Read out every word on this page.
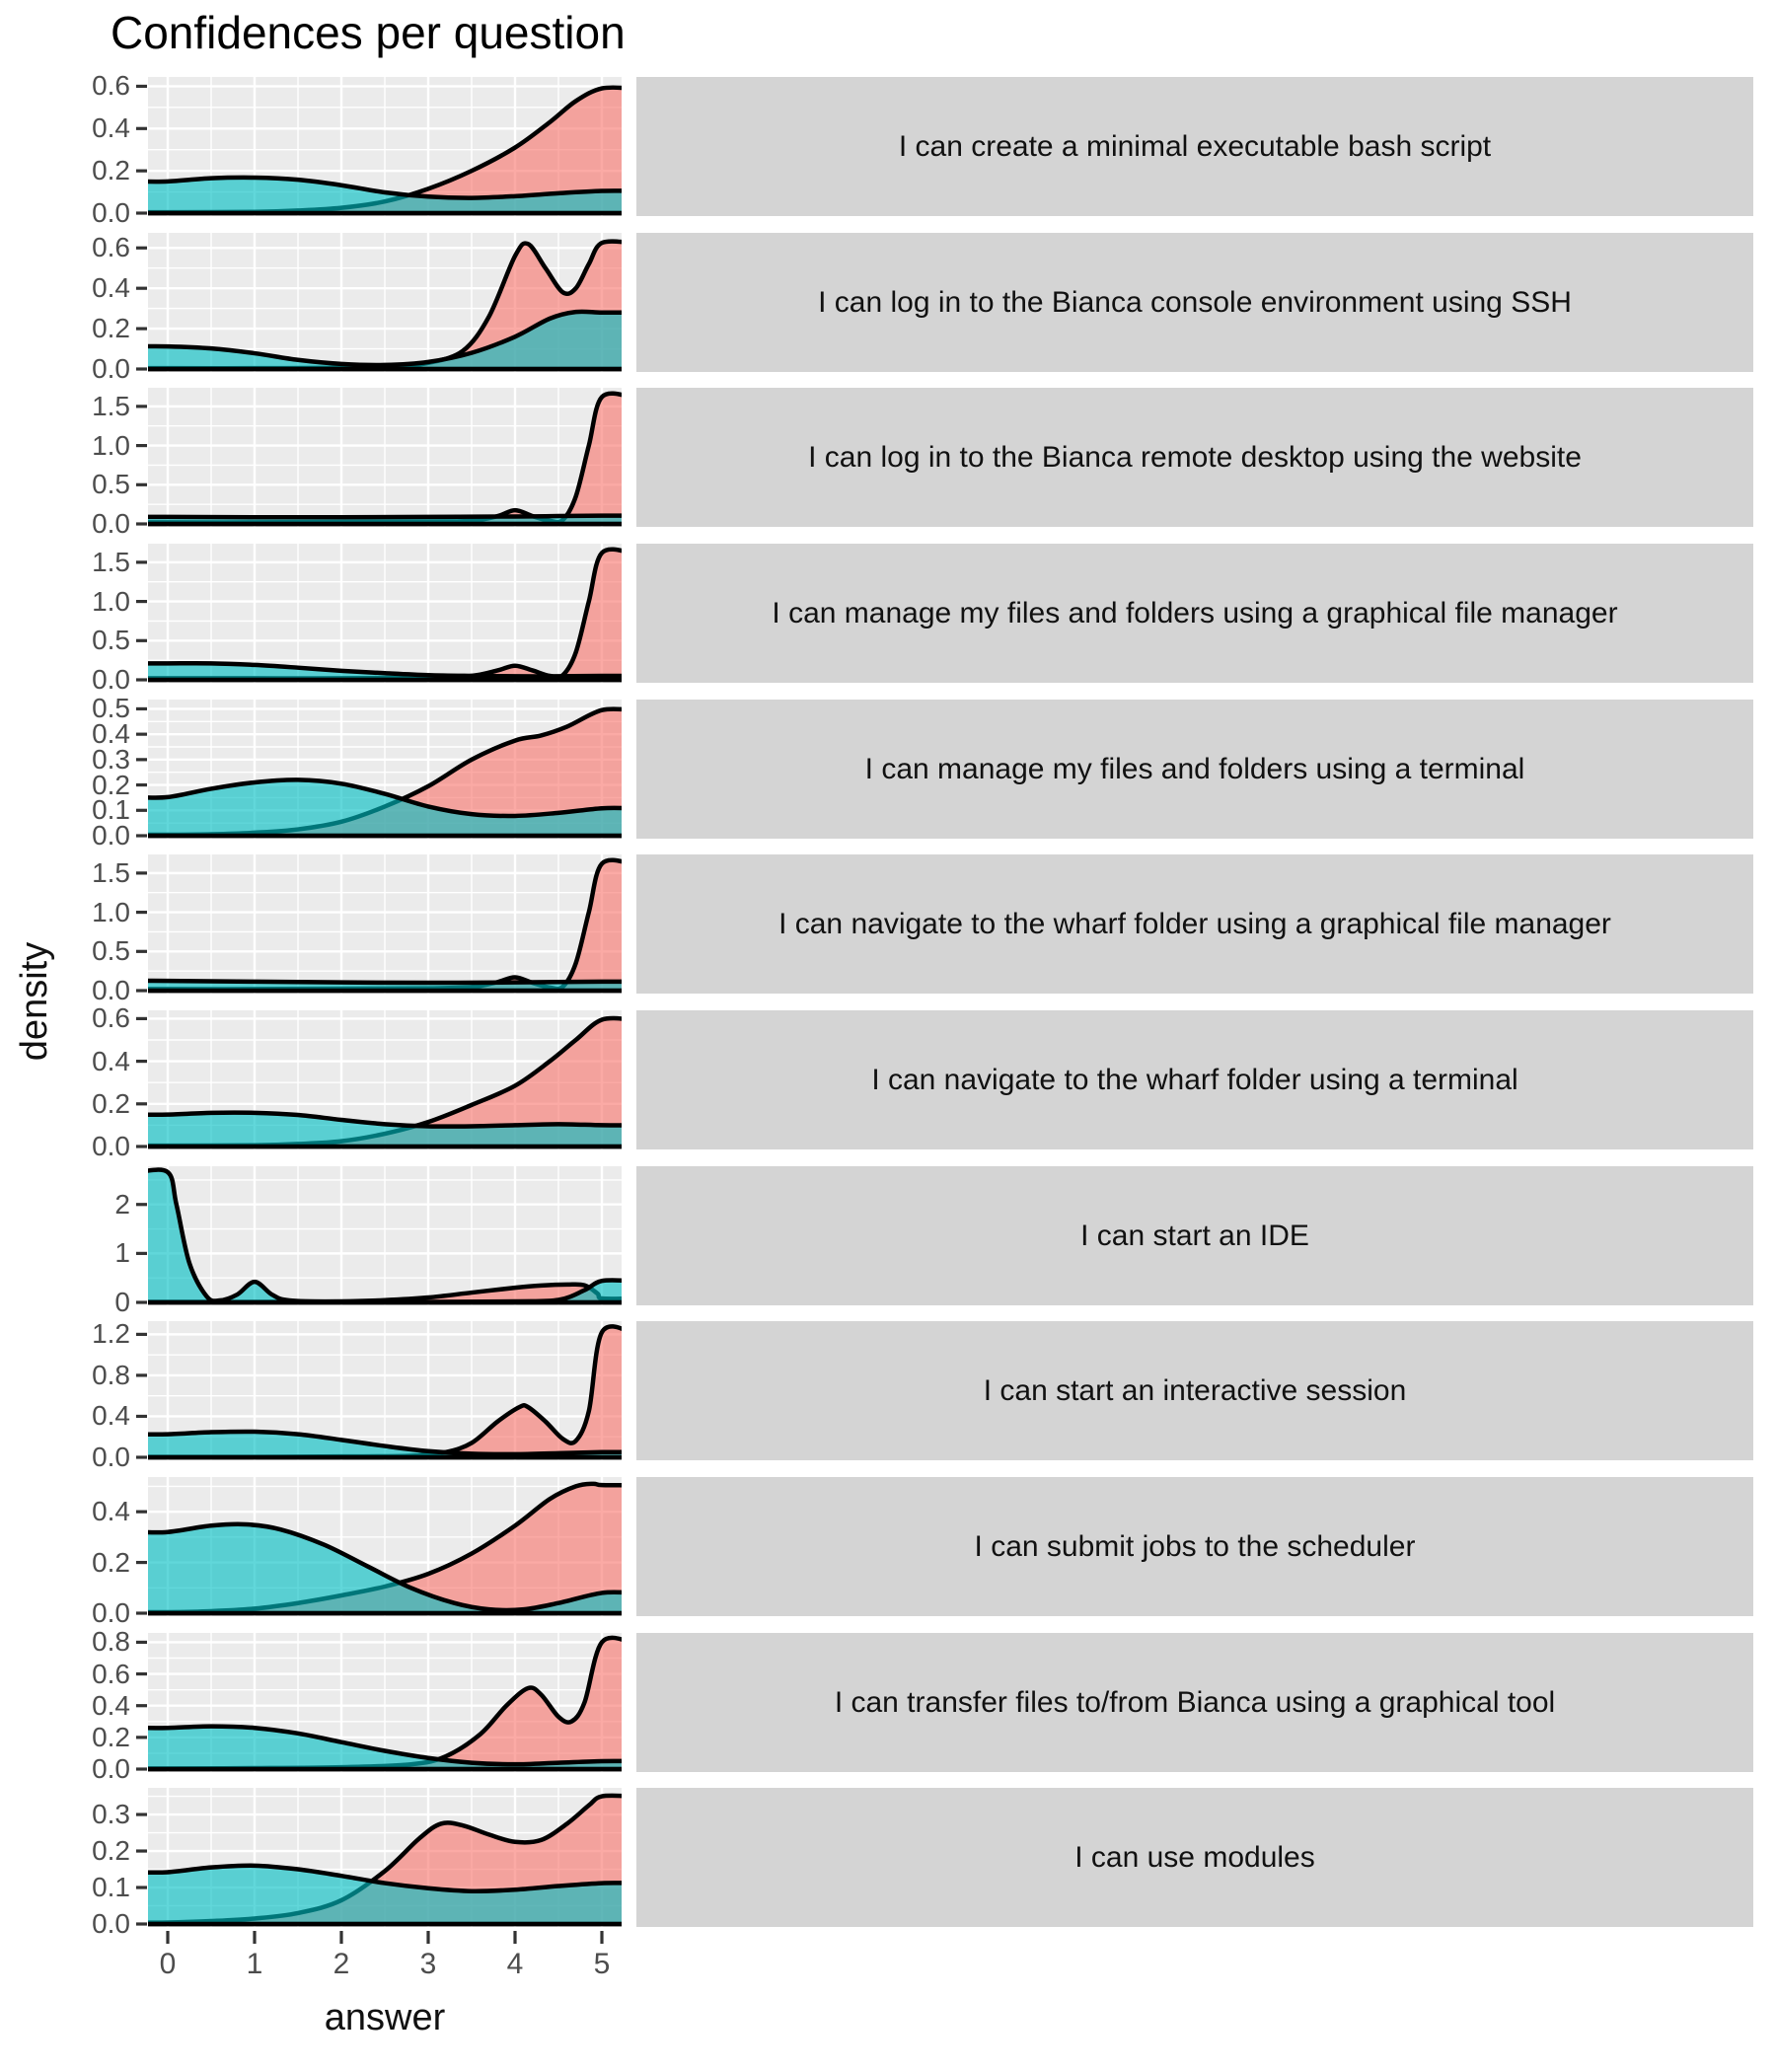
Confidences per question
density
answer
0.0
0.2
0.4
0.6
I can create a minimal executable bash script
0.0
0.2
0.4
0.6
I can log in to the Bianca console environment using SSH
0.0
0.5
1.0
1.5
I can log in to the Bianca remote desktop using the website
0.0
0.5
1.0
1.5
I can manage my files and folders using a graphical file manager
0.0
0.1
0.2
0.3
0.4
0.5
I can manage my files and folders using a terminal
0.0
0.5
1.0
1.5
I can navigate to the wharf folder using a graphical file manager
0.0
0.2
0.4
0.6
I can navigate to the wharf folder using a terminal
0
1
2
I can start an IDE
0.0
0.4
0.8
1.2
I can start an interactive session
0.0
0.2
0.4
I can submit jobs to the scheduler
0.0
0.2
0.4
0.6
0.8
I can transfer files to/from Bianca using a graphical tool
0.0
0.1
0.2
0.3
I can use modules
0	1	2	3	4	5
